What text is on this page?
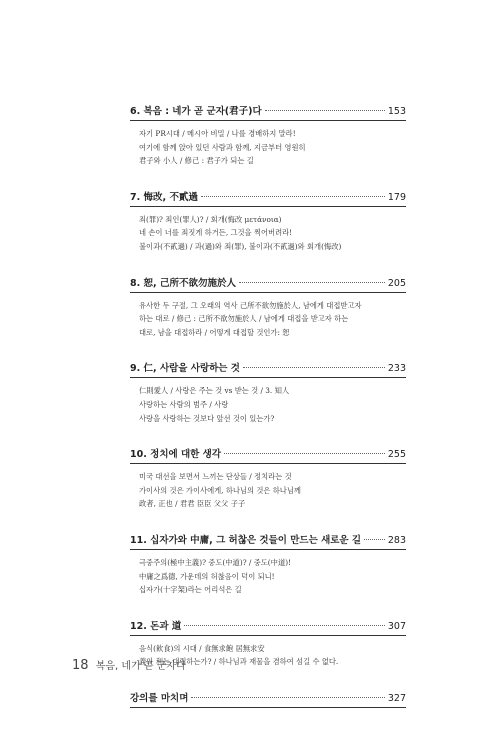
6. 복음 : 네가 곧 군자(君子)다	153
자기 PR시대 / 메시아 비밀 / 나를 경배하지 말라!
여기에 함께 앉아 있던 사람과 함께, 지금부터 영원히
君子와 小人 / 修己 : 君子가 되는 길
7. 悔改, 不貳過	179
죄(罪)? 죄인(罪人)? / 회개(悔改 μετάνοια)
네 손이 너를 죄짓게 하거든, 그것을 찍어버려라!
불이과(不貳過) / 과(過)와 죄(罪), 불이과(不貳過)와 회개(悔改)
8. 恕, 己所不欲勿施於人	205
유사한 두 구절, 그 오래의 역사 己所不欲勿施於人, 남에게 대접받고자
하는 대로 / 修己 : 己所不欲勿施於人 / 남에게 대접을 받고자 하는
대로, 남을 대접하라 / 어떻게 대접할 것인가: 恕
9. 仁, 사람을 사랑하는 것	233
仁則愛人 / 사랑은 주는 것 vs 받는 것 / 3. 知人
사랑하는 사람의 범주 / 사랑
사랑을 사랑하는 것보다 앞선 것이 있는가?
10. 정치에 대한 생각	255
미국 대선을 보면서 느끼는 단상들 / 정치라는 것
가이사의 것은 가이사에게, 하나님의 것은 하나님께
政者, 正也 / 君君 臣臣 父父 子子
11. 십자가와 中庸, 그 허찮은 것들이 만드는 새로운 길	283
극중주의(極中主義)? 중도(中道)? / 중도(中道)!
中庸之爲德, 가운데의 허찮음이 덕이 되니!
십자가(十字架)라는 어리석은 길
12. 돈과 道	307
음식(飮食)의 시대 / 食無求飽 居無求安
義와 利는 대립하는가? / 하나님과 재물을 겸하여 섬길 수 없다.
강의를 마치며	327
18 복음, 네가 곧 군자다
